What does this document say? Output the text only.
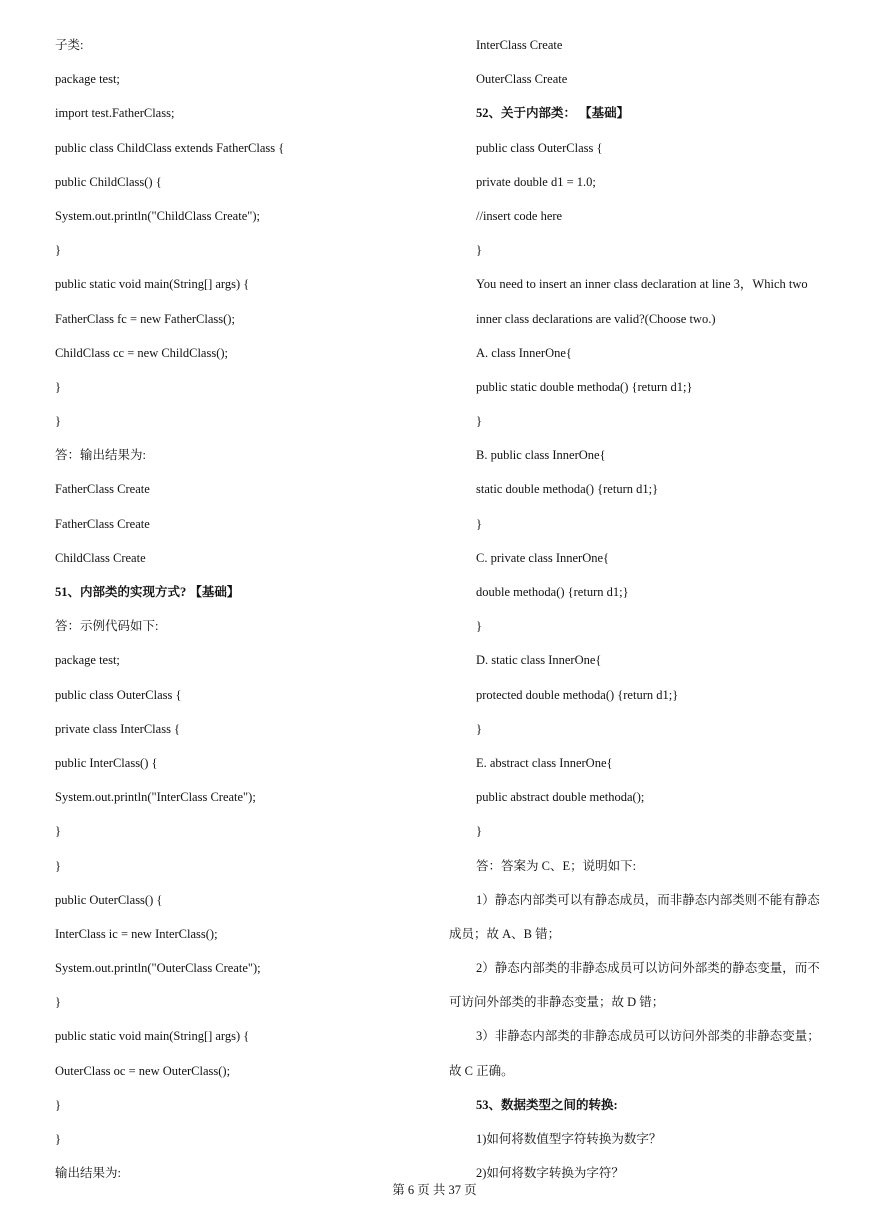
子类:
package test;
import test.FatherClass;
public class ChildClass extends FatherClass {
public ChildClass() {
System.out.println("ChildClass Create");
}
public static void main(String[] args) {
FatherClass fc = new FatherClass();
ChildClass cc = new ChildClass();
}
}
答：输出结果为:
FatherClass Create
FatherClass Create
ChildClass Create
51、内部类的实现方式? 【基础】
答：示例代码如下:
package test;
public class OuterClass {
private class InterClass {
public InterClass() {
System.out.println("InterClass Create");
}
}
public OuterClass() {
InterClass ic = new InterClass();
System.out.println("OuterClass Create");
}
public static void main(String[] args) {
OuterClass oc = new OuterClass();
}
}
输出结果为:
InterClass Create
OuterClass Create
52、关于内部类： 【基础】
public class OuterClass {
private double d1 = 1.0;
//insert code here
}
You need to insert an inner class declaration at line 3，Which two
inner class declarations are valid?(Choose two.)
A. class InnerOne{
public static double methoda() {return d1;}
}
B. public class InnerOne{
static double methoda() {return d1;}
}
C. private class InnerOne{
double methoda() {return d1;}
}
D. static class InnerOne{
protected double methoda() {return d1;}
}
E. abstract class InnerOne{
public abstract double methoda();
}
答：答案为 C、E；说明如下:
1）静态内部类可以有静态成员，而非静态内部类则不能有静态
成员；故 A、B 错；
2）静态内部类的非静态成员可以访问外部类的静态变量，而不
可访问外部类的非静态变量；故 D 错；
3）非静态内部类的非静态成员可以访问外部类的非静态变量；
故 C 正确。
53、数据类型之间的转换:
1)如何将数值型字符转换为数字？
2)如何将数字转换为字符？
第 6 页 共 37 页
